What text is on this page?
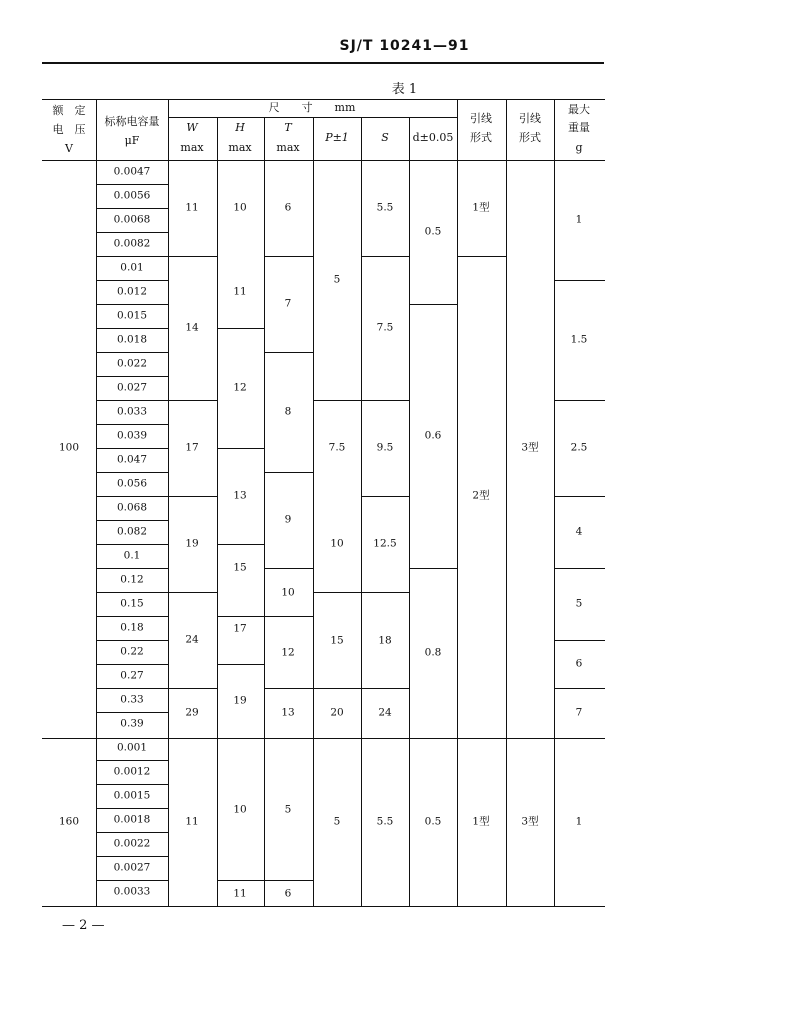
SJ/T 10241—91
表 1
额　定
电　压
V
标称电容量
μF
尺　　寸　　mm
W
max
H
max
T
max
P±1	S d±0.05
引线
形式
引线
形式
最大
重量
g
0.0047
0.0056
0.0068
0.0082
0.01
0.012
0.015
0.018
0.022
0.027
0.033
0.039
0.047
0.056
0.068
0.082
0.1
0.12
0.15
0.18
0.22
0.27
0.33
0.39
0.001
0.0012
0.0015
0.0018
0.0022
0.0027
0.0033
100
160
11
14
17
19
24
29
11
10
11
12
13
15
17
19
10
11
6
7
8
9
10
12
13
5
6
5
7.5
10
15
20
5
5.5
7.5
9.5
12.5
18
24
5.5
0.5
0.6
0.8
0.5
1型
2型
1型
3型
3型
1
1.5
2.5
4
5
6
7
1
— 2 —
